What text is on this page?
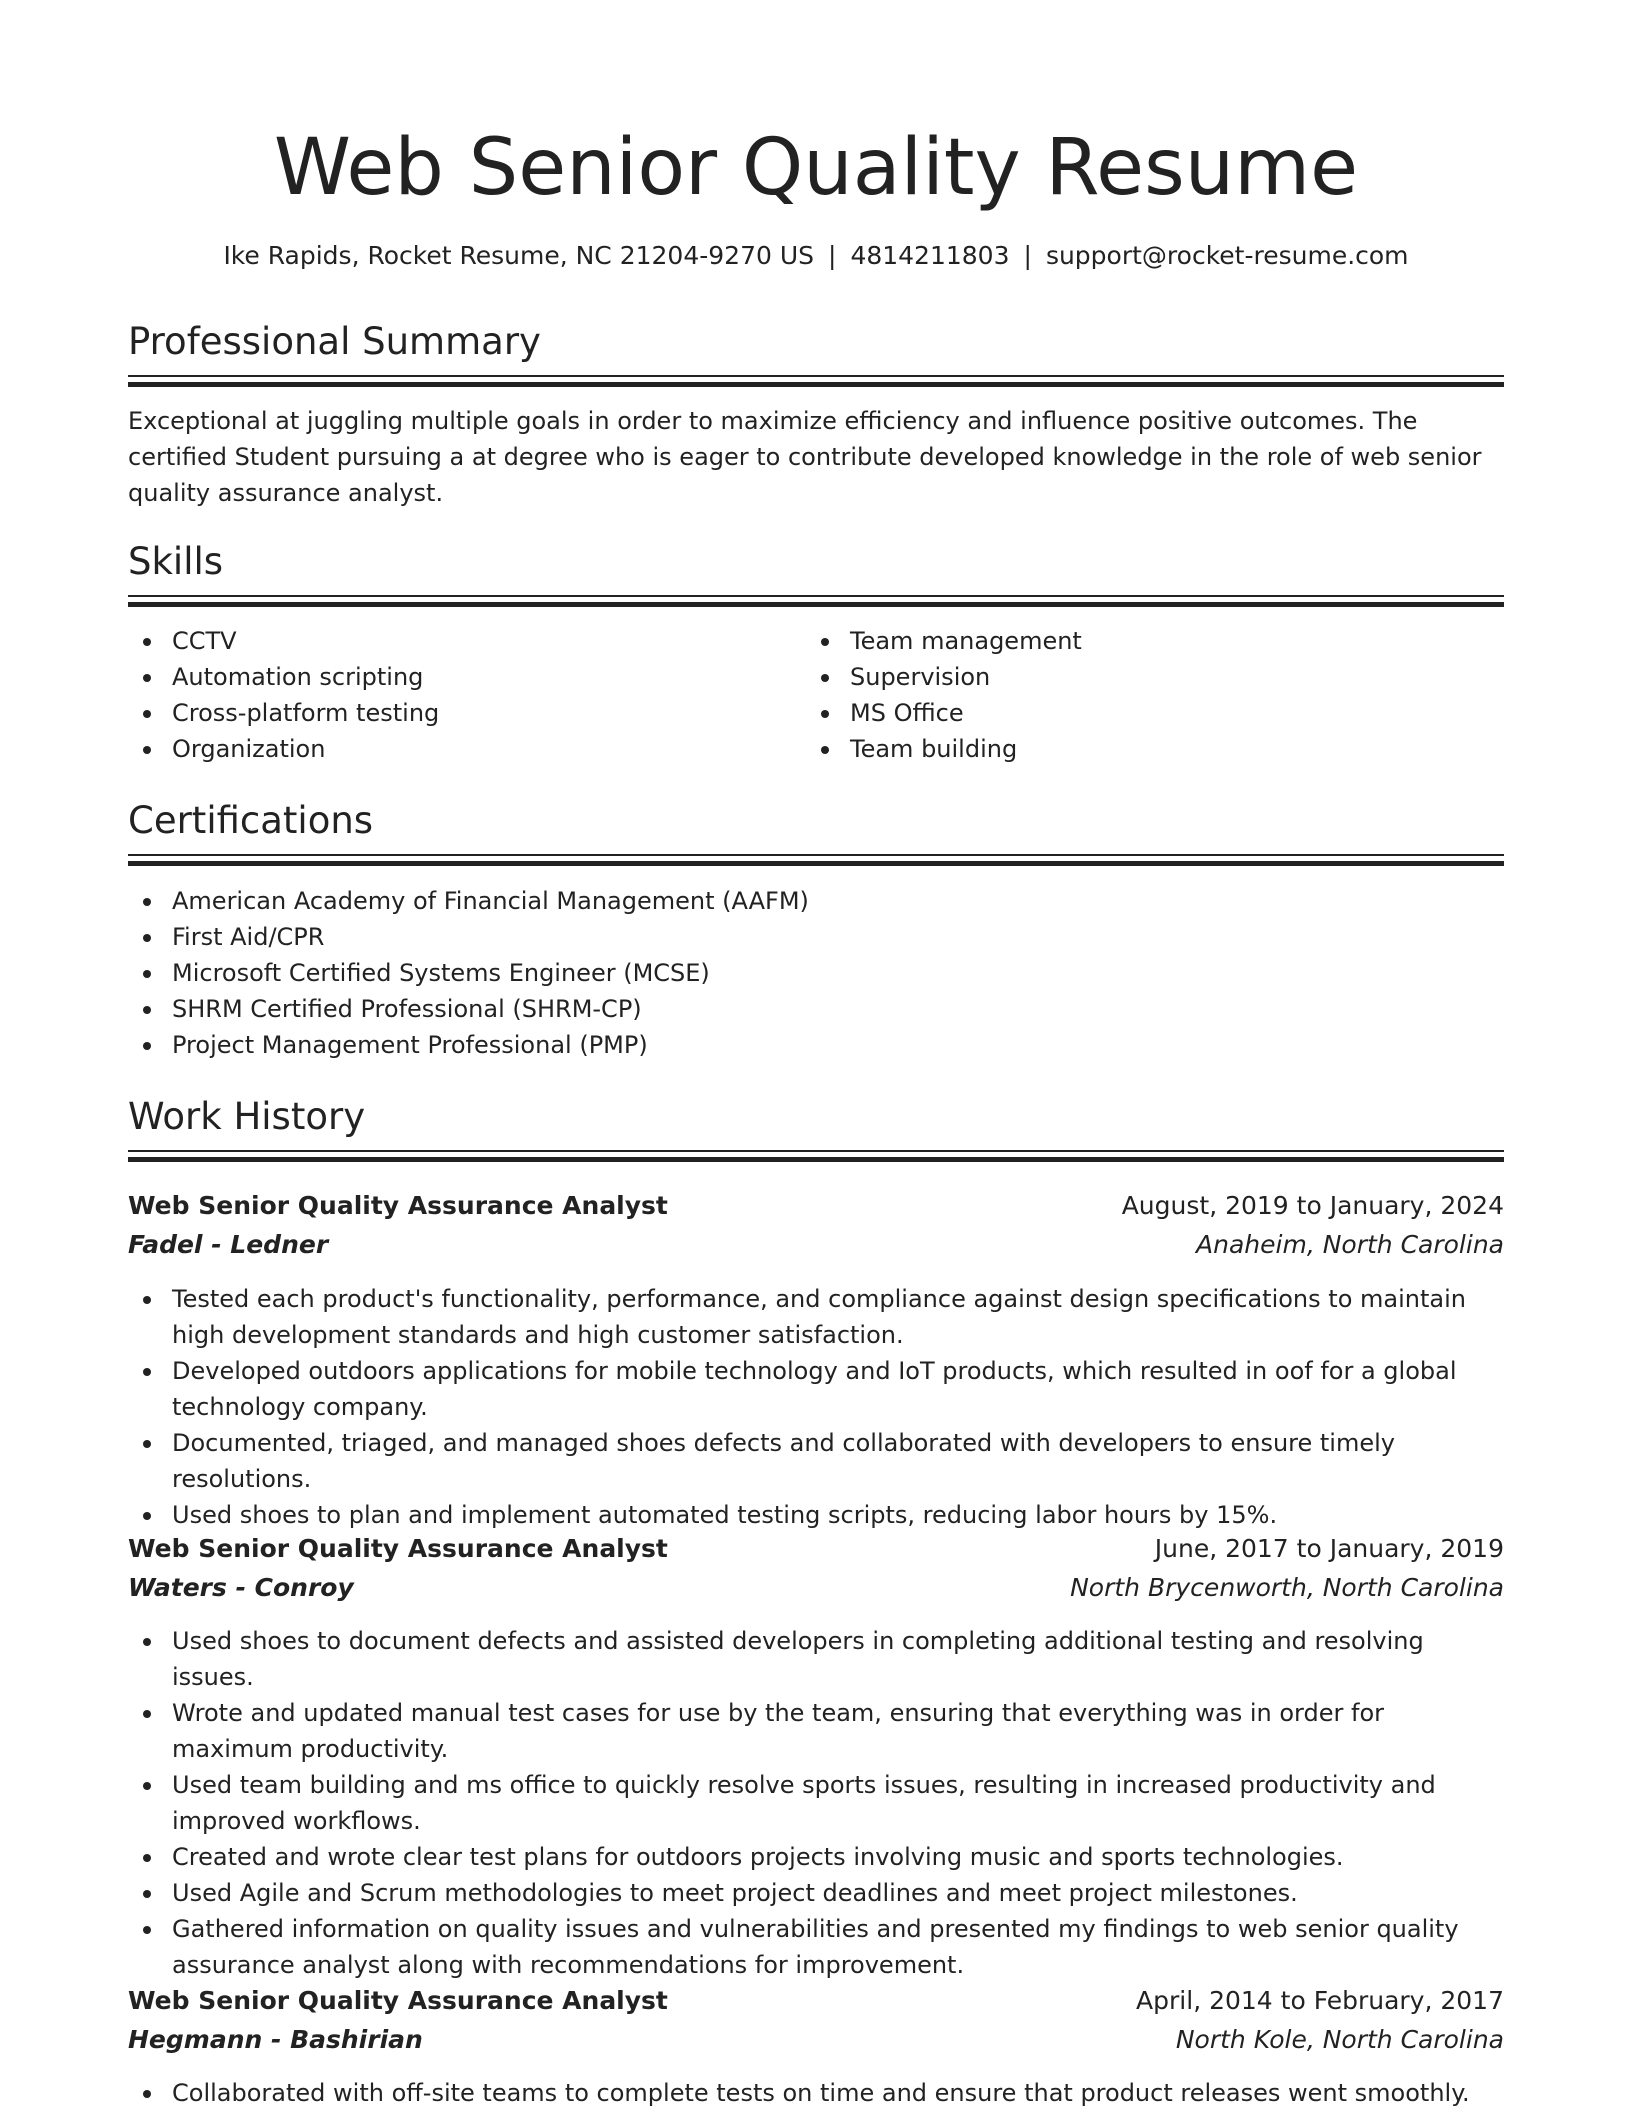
Web Senior Quality Resume
Ike Rapids, Rocket Resume, NC 21204-9270 US | 4814211803 | support@rocket-resume.com
Professional Summary

Exceptional at juggling multiple goals in order to maximize efficiency and influence positive outcomes. The certified Student pursuing a at degree who is eager to contribute developed knowledge in the role of web senior quality assurance analyst.

Skills
CCTV
Automation scripting
Cross-platform testing
Organization
Team management
Supervision
MS Office
Team building
Certifications
American Academy of Financial Management (AAFM)
First Aid/CPR
Microsoft Certified Systems Engineer (MCSE)
SHRM Certified Professional (SHRM-CP)
Project Management Professional (PMP)
Work History
Web Senior Quality Assurance Analyst	August, 2019 to January, 2024
Fadel - Ledner	Anaheim, North Carolina
Tested each product's functionality, performance, and compliance against design specifications to maintain high development standards and high customer satisfaction.
Developed outdoors applications for mobile technology and IoT products, which resulted in oof for a global technology company.
Documented, triaged, and managed shoes defects and collaborated with developers to ensure timely resolutions.
Used shoes to plan and implement automated testing scripts, reducing labor hours by 15%.
Web Senior Quality Assurance Analyst	June, 2017 to January, 2019
Waters - Conroy	North Brycenworth, North Carolina
Used shoes to document defects and assisted developers in completing additional testing and resolving issues.
Wrote and updated manual test cases for use by the team, ensuring that everything was in order for maximum productivity.
Used team building and ms office to quickly resolve sports issues, resulting in increased productivity and improved workflows.
Created and wrote clear test plans for outdoors projects involving music and sports technologies.
Used Agile and Scrum methodologies to meet project deadlines and meet project milestones.
Gathered information on quality issues and vulnerabilities and presented my findings to web senior quality assurance analyst along with recommendations for improvement.
Web Senior Quality Assurance Analyst	April, 2014 to February, 2017
Hegmann - Bashirian	North Kole, North Carolina
Collaborated with off-site teams to complete tests on time and ensure that product releases went smoothly.
